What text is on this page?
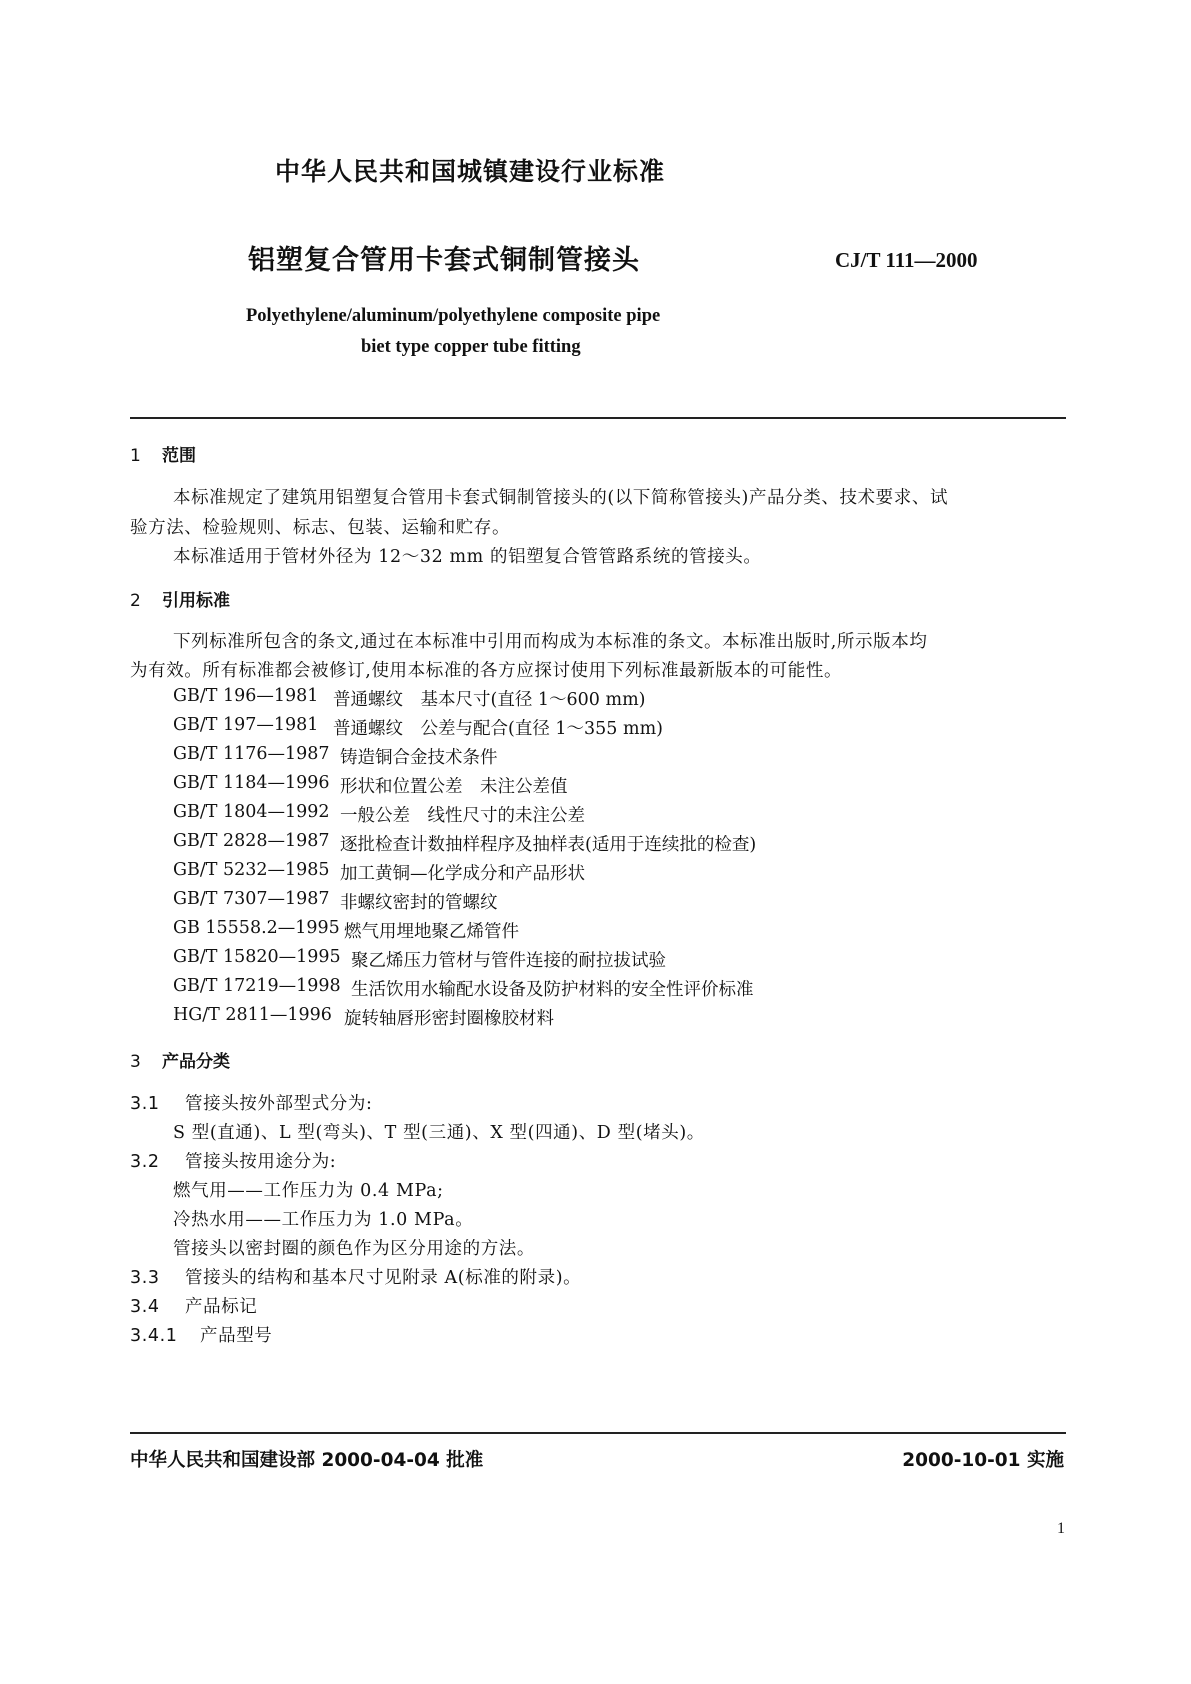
中华人民共和国城镇建设行业标准
铝塑复合管用卡套式铜制管接头	CJ/T 111—2000
Polyethylene/aluminum/polyethylene composite pipe
biet type copper tube fitting
1 范围
本标准规定了建筑用铝塑复合管用卡套式铜制管接头的(以下简称管接头)产品分类、技术要求、试
验方法、检验规则、标志、包装、运输和贮存。
本标准适用于管材外径为 12～32 mm 的铝塑复合管管路系统的管接头。
2 引用标准
下列标准所包含的条文,通过在本标准中引用而构成为本标准的条文。本标准出版时,所示版本均
为有效。所有标准都会被修订,使用本标准的各方应探讨使用下列标准最新版本的可能性。
GB/T 196—1981 普通螺纹　基本尺寸(直径 1～600 mm)
GB/T 197—1981 普通螺纹　公差与配合(直径 1～355 mm)
GB/T 1176—1987 铸造铜合金技术条件
GB/T 1184—1996 形状和位置公差　未注公差值
GB/T 1804—1992 一般公差　线性尺寸的未注公差
GB/T 2828—1987 逐批检查计数抽样程序及抽样表(适用于连续批的检查)
GB/T 5232—1985 加工黄铜—化学成分和产品形状
GB/T 7307—1987 非螺纹密封的管螺纹
GB 15558.2—1995 燃气用埋地聚乙烯管件
GB/T 15820—1995 聚乙烯压力管材与管件连接的耐拉拔试验
GB/T 17219—1998 生活饮用水输配水设备及防护材料的安全性评价标准
HG/T 2811—1996 旋转轴唇形密封圈橡胶材料
3 产品分类
3.1 管接头按外部型式分为:
S 型(直通)、L 型(弯头)、T 型(三通)、X 型(四通)、D 型(堵头)。
3.2 管接头按用途分为:
燃气用——工作压力为 0.4 MPa;
冷热水用——工作压力为 1.0 MPa。
管接头以密封圈的颜色作为区分用途的方法。
3.3 管接头的结构和基本尺寸见附录 A(标准的附录)。
3.4 产品标记
3.4.1 产品型号
中华人民共和国建设部 2000-04-04 批准	2000-10-01 实施
1
